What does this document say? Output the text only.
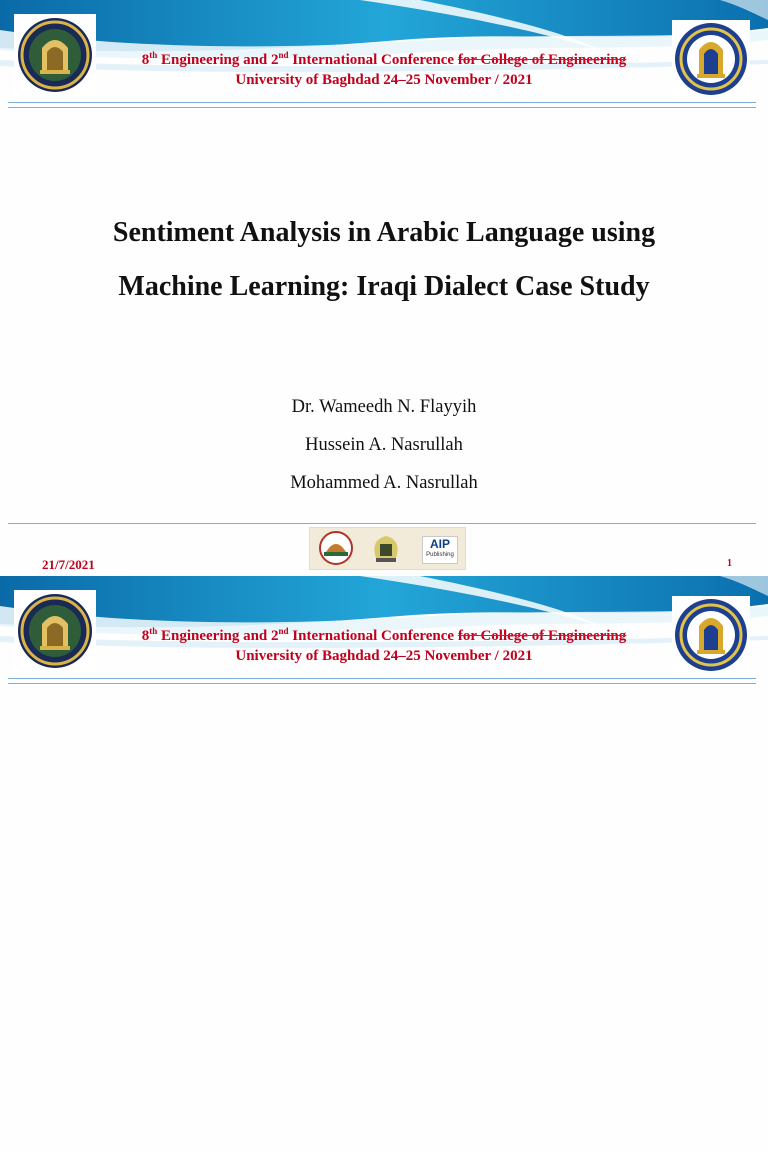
8th Engineering and 2nd International Conference for College of Engineering
University of Baghdad 24–25 November / 2021
Sentiment Analysis in Arabic Language using
Machine Learning: Iraqi Dialect Case Study
Dr. Wameedh N. Flayyih
Hussein A. Nasrullah
Mohammed A. Nasrullah
AIP
Publishing
21/7/2021	1
8th Engineering and 2nd International Conference for College of Engineering
University of Baghdad 24–25 November / 2021
